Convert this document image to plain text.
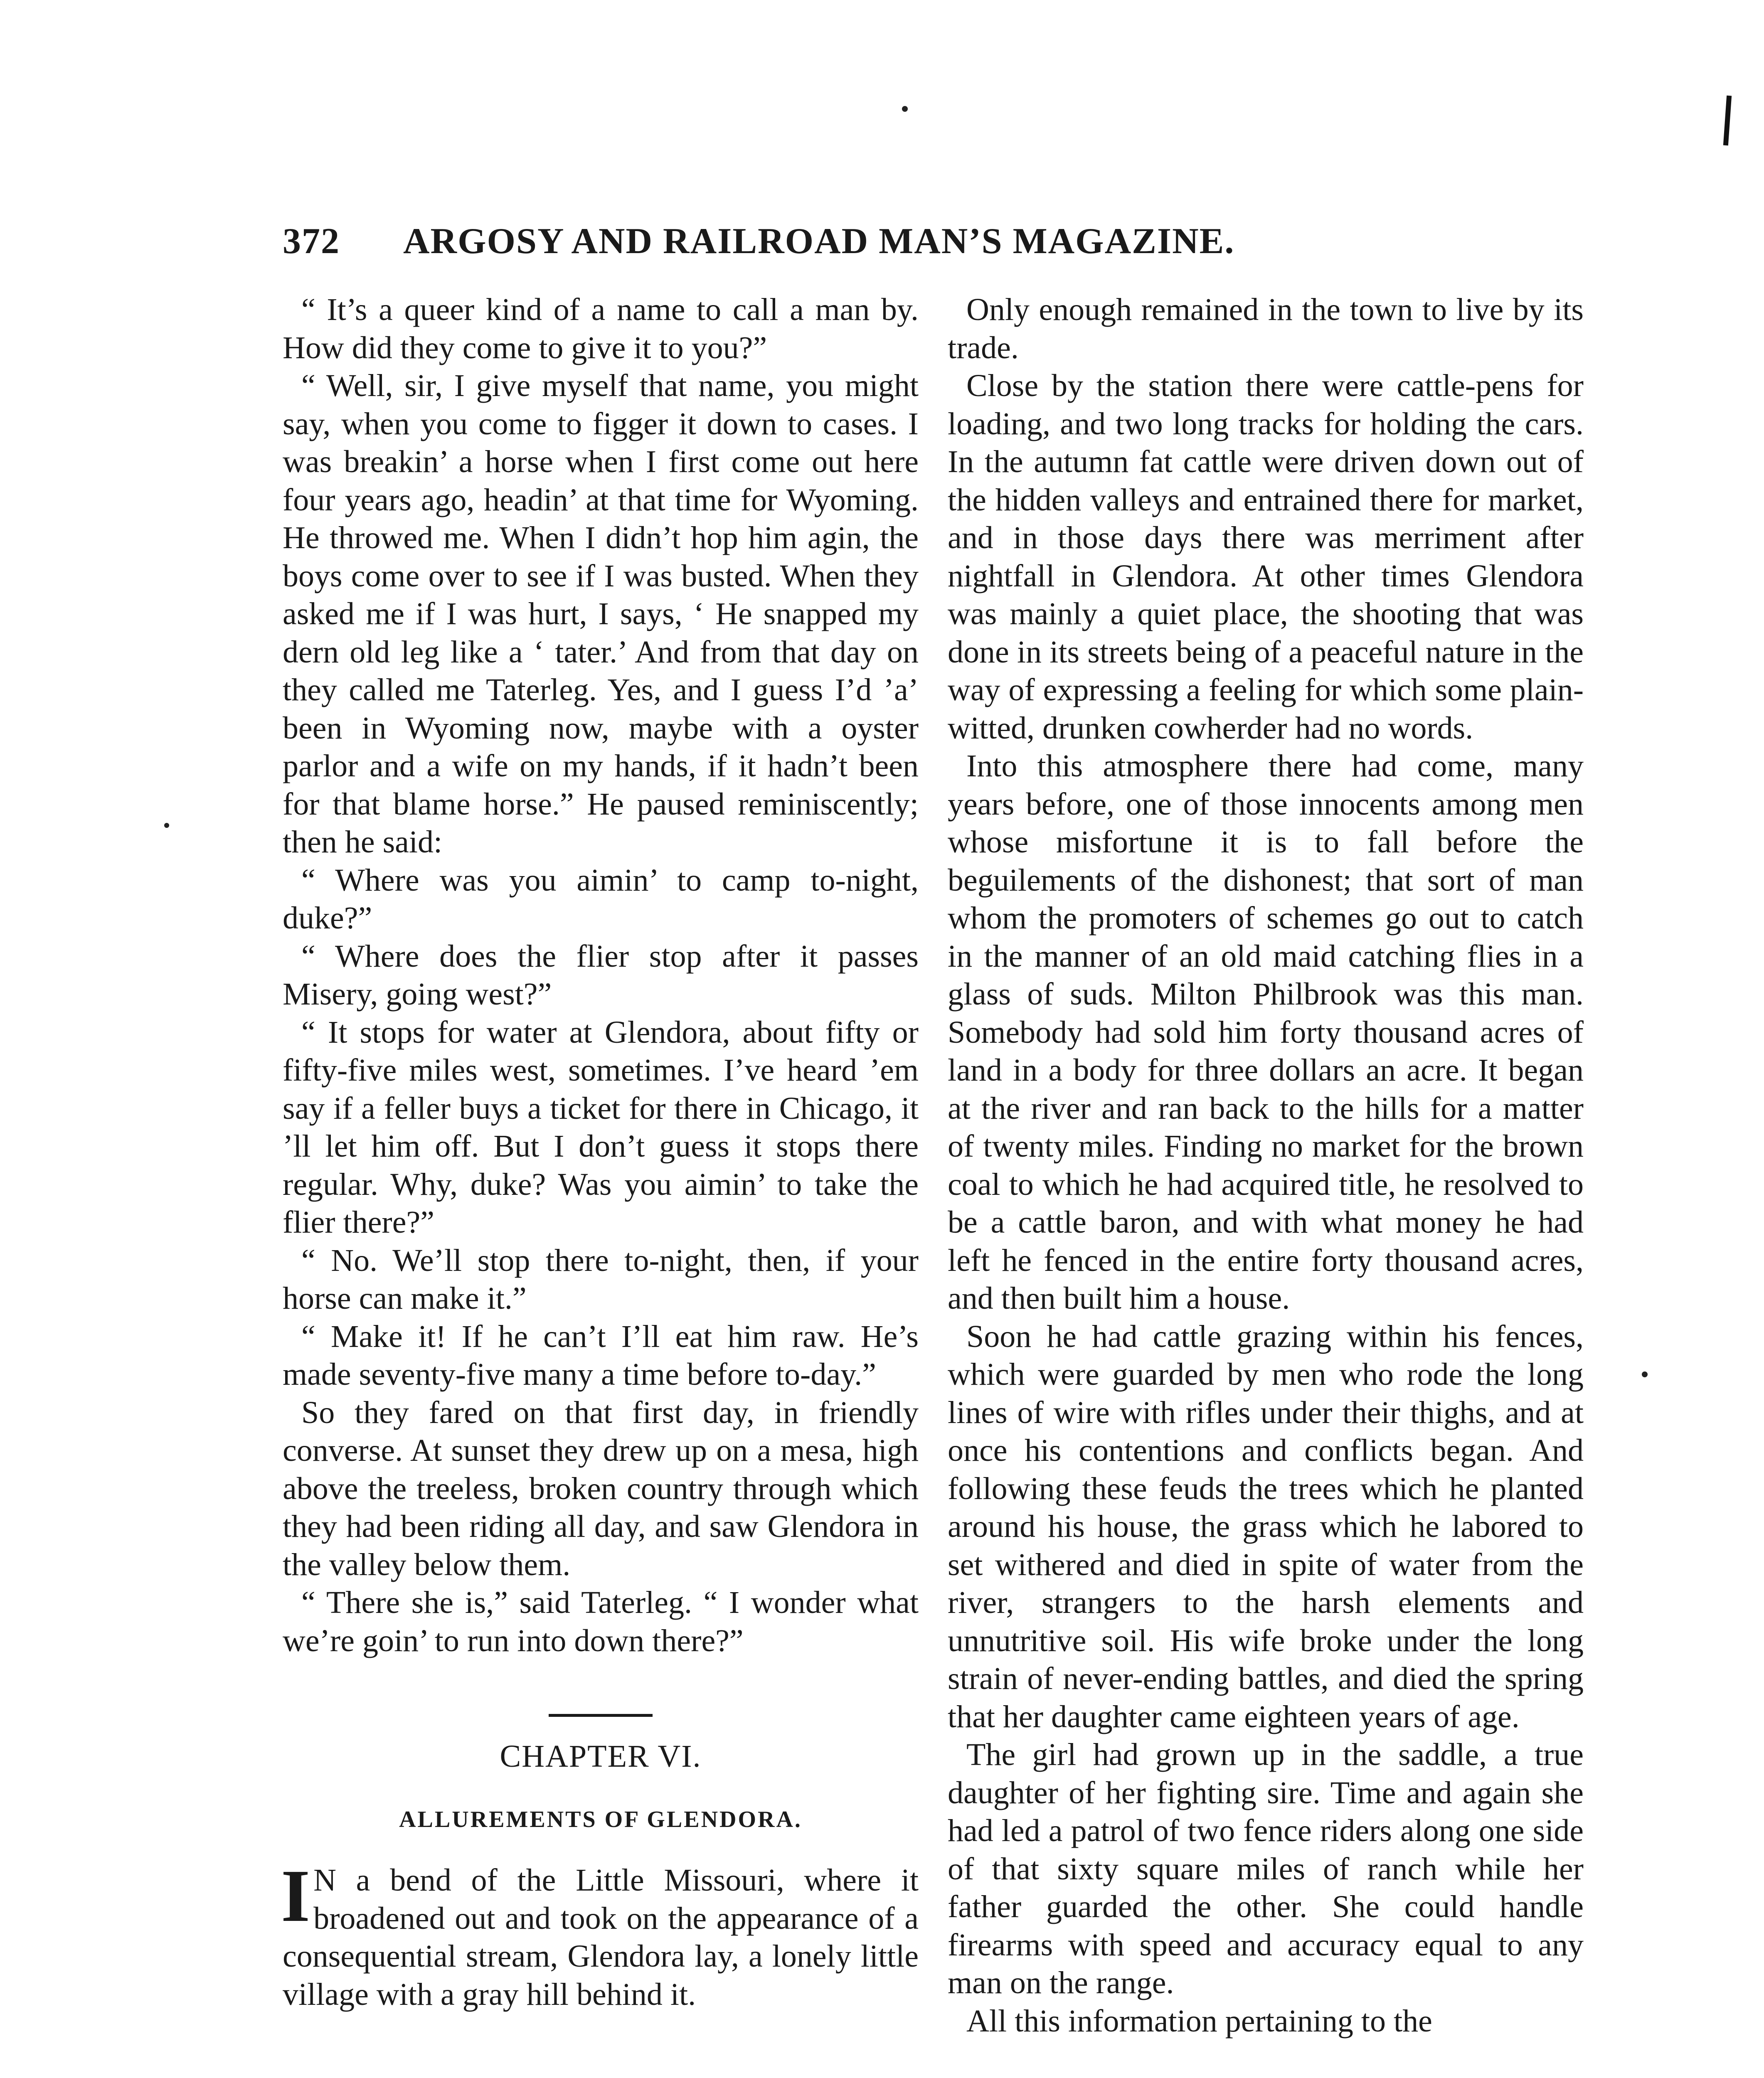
372 ARGOSY AND RAILROAD MAN’S MAGAZINE.

“ It’s a queer kind of a name to call a man by. How did they come to give it to you?”

“ Well, sir, I give myself that name, you might say, when you come to figger it down to cases. I was breakin’ a horse when I first come out here four years ago, headin’ at that time for Wyoming. He throwed me. When I didn’t hop him agin, the boys come over to see if I was busted. When they asked me if I was hurt, I says, ‘ He snapped my dern old leg like a ‘ tater.’ And from that day on they called me Taterleg. Yes, and I guess I’d ’a’ been in Wyoming now, maybe with a oyster parlor and a wife on my hands, if it hadn’t been for that blame horse.” He paused reminiscently; then he said:

“ Where was you aimin’ to camp to-night, duke?”

“ Where does the flier stop after it passes Misery, going west?”

“ It stops for water at Glendora, about fifty or fifty-five miles west, sometimes. I’ve heard ’em say if a feller buys a ticket for there in Chicago, it ’ll let him off. But I don’t guess it stops there regular. Why, duke? Was you aimin’ to take the flier there?”

“ No. We’ll stop there to-night, then, if your horse can make it.”

“ Make it! If he can’t I’ll eat him raw. He’s made seventy-five many a time before to-day.”

So they fared on that first day, in friendly converse. At sunset they drew up on a mesa, high above the treeless, broken country through which they had been riding all day, and saw Glendora in the valley below them.

“ There she is,” said Taterleg. “ I wonder what we’re goin’ to run into down there?”

CHAPTER VI.
ALLUREMENTS OF GLENDORA.

I N a bend of the Little Missouri, where it broadened out and took on the appearance of a consequential stream, Glendora lay, a lonely little village with a gray hill behind it.

Only enough remained in the town to live by its trade.

Close by the station there were cattle-pens for loading, and two long tracks for holding the cars. In the autumn fat cattle were driven down out of the hidden valleys and entrained there for market, and in those days there was merriment after nightfall in Glendora. At other times Glendora was mainly a quiet place, the shooting that was done in its streets being of a peaceful nature in the way of expressing a feeling for which some plain-witted, drunken cowherder had no words.

Into this atmosphere there had come, many years before, one of those innocents among men whose misfortune it is to fall before the beguilements of the dishonest; that sort of man whom the promoters of schemes go out to catch in the manner of an old maid catching flies in a glass of suds. Milton Philbrook was this man. Somebody had sold him forty thousand acres of land in a body for three dollars an acre. It began at the river and ran back to the hills for a matter of twenty miles. Finding no market for the brown coal to which he had acquired title, he resolved to be a cattle baron, and with what money he had left he fenced in the entire forty thousand acres, and then built him a house.

Soon he had cattle grazing within his fences, which were guarded by men who rode the long lines of wire with rifles under their thighs, and at once his contentions and conflicts began. And following these feuds the trees which he planted around his house, the grass which he labored to set withered and died in spite of water from the river, strangers to the harsh elements and unnutritive soil. His wife broke under the long strain of never-ending battles, and died the spring that her daughter came eighteen years of age.

The girl had grown up in the saddle, a true daughter of her fighting sire. Time and again she had led a patrol of two fence riders along one side of that sixty square miles of ranch while her father guarded the other. She could handle firearms with speed and accuracy equal to any man on the range.

All this information pertaining to the
